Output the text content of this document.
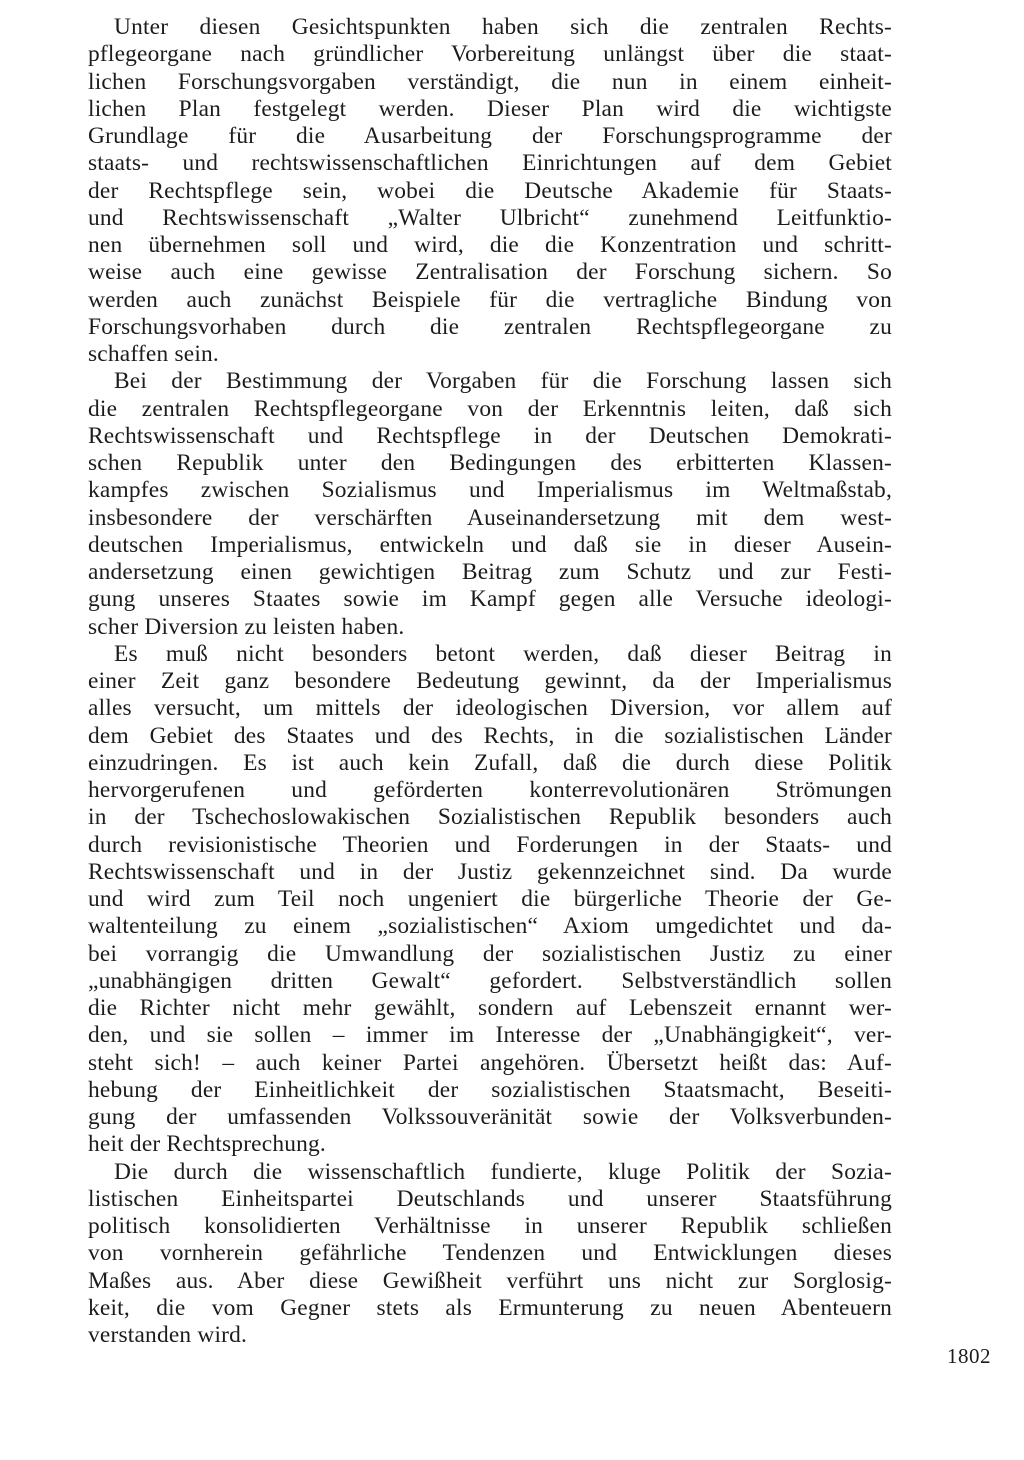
Unter diesen Gesichtspunkten haben sich die zentralen Rechts-
pflegeorgane nach gründlicher Vorbereitung unlängst über die staat-
lichen Forschungsvorgaben verständigt, die nun in einem einheit-
lichen Plan festgelegt werden. Dieser Plan wird die wichtigste
Grundlage für die Ausarbeitung der Forschungsprogramme der
staats- und rechtswissenschaftlichen Einrichtungen auf dem Gebiet
der Rechtspflege sein, wobei die Deutsche Akademie für Staats-
und Rechtswissenschaft „Walter Ulbricht“ zunehmend Leitfunktio-
nen übernehmen soll und wird, die die Konzentration und schritt-
weise auch eine gewisse Zentralisation der Forschung sichern. So
werden auch zunächst Beispiele für die vertragliche Bindung von
Forschungsvorhaben durch die zentralen Rechtspflegeorgane zu
schaffen sein.
Bei der Bestimmung der Vorgaben für die Forschung lassen sich
die zentralen Rechtspflegeorgane von der Erkenntnis leiten, daß sich
Rechtswissenschaft und Rechtspflege in der Deutschen Demokrati-
schen Republik unter den Bedingungen des erbitterten Klassen-
kampfes zwischen Sozialismus und Imperialismus im Weltmaßstab,
insbesondere der verschärften Auseinandersetzung mit dem west-
deutschen Imperialismus, entwickeln und daß sie in dieser Ausein-
andersetzung einen gewichtigen Beitrag zum Schutz und zur Festi-
gung unseres Staates sowie im Kampf gegen alle Versuche ideologi-
scher Diversion zu leisten haben.
Es muß nicht besonders betont werden, daß dieser Beitrag in
einer Zeit ganz besondere Bedeutung gewinnt, da der Imperialismus
alles versucht, um mittels der ideologischen Diversion, vor allem auf
dem Gebiet des Staates und des Rechts, in die sozialistischen Länder
einzudringen. Es ist auch kein Zufall, daß die durch diese Politik
hervorgerufenen und geförderten konterrevolutionären Strömungen
in der Tschechoslowakischen Sozialistischen Republik besonders auch
durch revisionistische Theorien und Forderungen in der Staats- und
Rechtswissenschaft und in der Justiz gekennzeichnet sind. Da wurde
und wird zum Teil noch ungeniert die bürgerliche Theorie der Ge-
waltenteilung zu einem „sozialistischen“ Axiom umgedichtet und da-
bei vorrangig die Umwandlung der sozialistischen Justiz zu einer
„unabhängigen dritten Gewalt“ gefordert. Selbstverständlich sollen
die Richter nicht mehr gewählt, sondern auf Lebenszeit ernannt wer-
den, und sie sollen – immer im Interesse der „Unabhängigkeit“, ver-
steht sich! – auch keiner Partei angehören. Übersetzt heißt das: Auf-
hebung der Einheitlichkeit der sozialistischen Staatsmacht, Beseiti-
gung der umfassenden Volkssouveränität sowie der Volksverbunden-
heit der Rechtsprechung.
Die durch die wissenschaftlich fundierte, kluge Politik der Sozia-
listischen Einheitspartei Deutschlands und unserer Staatsführung
politisch konsolidierten Verhältnisse in unserer Republik schließen
von vornherein gefährliche Tendenzen und Entwicklungen dieses
Maßes aus. Aber diese Gewißheit verführt uns nicht zur Sorglosig-
keit, die vom Gegner stets als Ermunterung zu neuen Abenteuern
verstanden wird.
1802
